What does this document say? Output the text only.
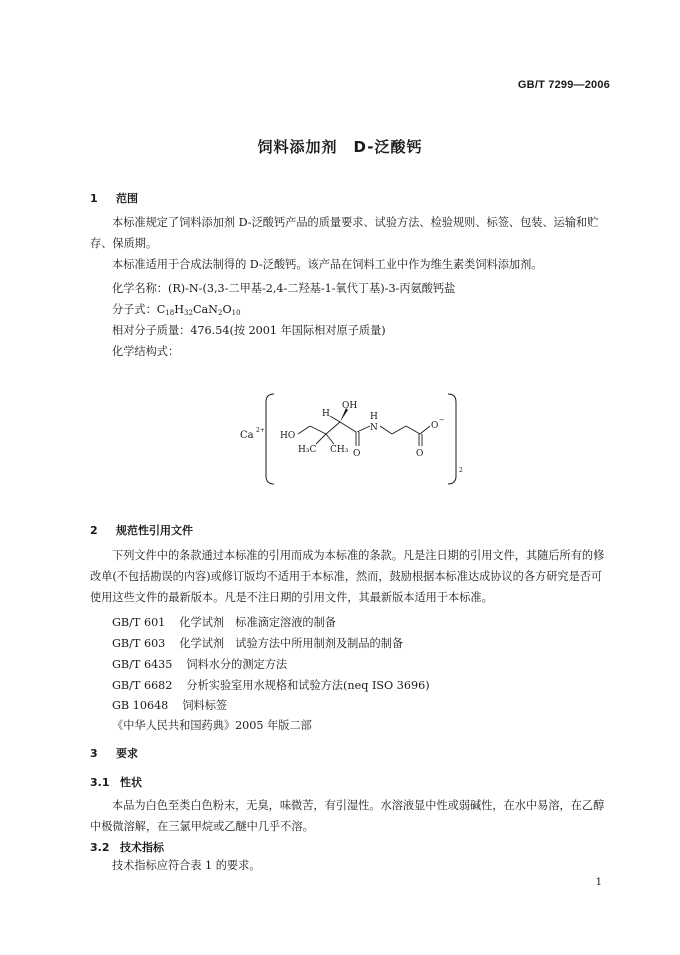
GB/T 7299—2006
饲料添加剂　D-泛酸钙
1 范围
本标准规定了饲料添加剂 D-泛酸钙产品的质量要求、试验方法、检验规则、标签、包装、运输和贮存、保质期。
本标准适用于合成法制得的 D-泛酸钙。该产品在饲料工业中作为维生素类饲料添加剂。
化学名称：(R)-N-(3,3-二甲基-2,4-二羟基-1-氧代丁基)-3-丙氨酸钙盐
分子式：$C_{18}H_{32}CaN_2O_{10}$
相对分子质量：476.54(按 2001 年国际相对原子质量)
化学结构式：
Ca 2+
2
HO
H₃C CH₃
H
OH
H
N	O
−
O	O
2 规范性引用文件
下列文件中的条款通过本标准的引用而成为本标准的条款。凡是注日期的引用文件，其随后所有的修改单(不包括勘误的内容)或修订版均不适用于本标准，然而，鼓励根据本标准达成协议的各方研究是否可使用这些文件的最新版本。凡是不注日期的引用文件，其最新版本适用于本标准。
GB/T 601 化学试剂　标准滴定溶液的制备
GB/T 603 化学试剂　试验方法中所用制剂及制品的制备
GB/T 6435 饲料水分的测定方法
GB/T 6682 分析实验室用水规格和试验方法(neq ISO 3696)
GB 10648 饲料标签
《中华人民共和国药典》2005 年版二部
3 要求
3.1 性状
本品为白色至类白色粉末，无臭，味微苦，有引湿性。水溶液显中性或弱碱性，在水中易溶，在乙醇中极微溶解，在三氯甲烷或乙醚中几乎不溶。
3.2 技术指标
技术指标应符合表 1 的要求。
1
